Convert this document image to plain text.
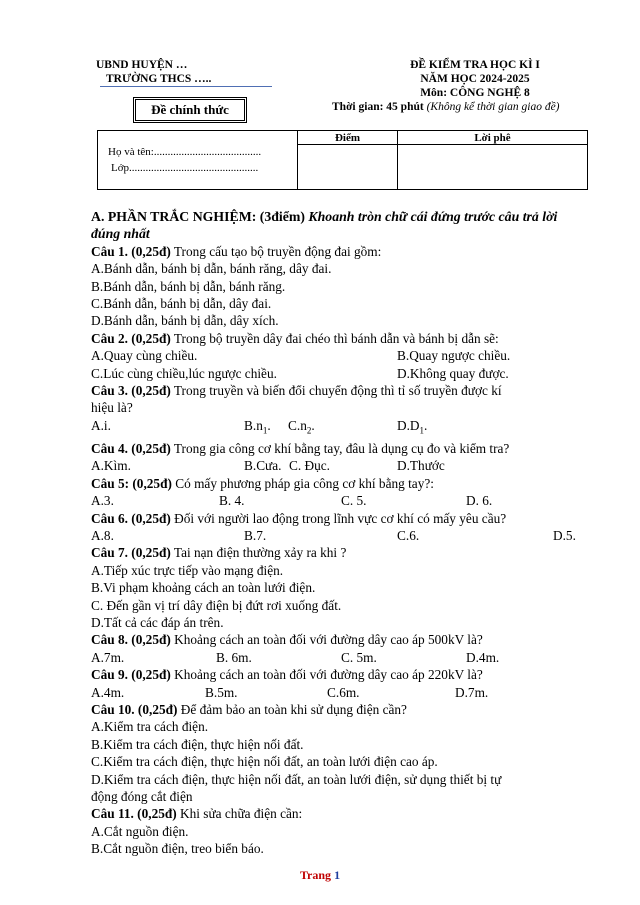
UBND HUYỆN …
TRƯỜNG THCS …..
ĐỀ KIỂM TRA HỌC KÌ I
NĂM HỌC 2024-2025
Môn: CÔNG NGHỆ 8
Đề chính thức	Thời gian: 45 phút (Không kể thời gian giao đề)
Họ và tên:.......................................
Lớp...............................................	Điểm	Lời phê

A. PHẦN TRẮC NGHIỆM: (3điểm) Khoanh tròn chữ cái đứng trước câu trả lời đúng nhất

Câu 1. (0,25đ) Trong cấu tạo bộ truyền động đai gồm:

A.Bánh dẫn, bánh bị dẫn, bánh răng, dây đai.

B.Bánh dẫn, bánh bị dẫn, bánh răng.

C.Bánh dẫn, bánh bị dẫn, dây đai.

D.Bánh dẫn, bánh bị dẫn, dây xích.

Câu 2. (0,25đ) Trong bộ truyền dây đai chéo thì bánh dẫn và bánh bị dẫn sẽ:

A.Quay cùng chiều.	B.Quay ngược chiều.
C.Lúc cùng chiều,lúc ngược chiều.	D.Không quay được.

Câu 3. (0,25đ) Trong truyền và biến đổi chuyển động thì tỉ số truyền được kí

hiệu là?

A.i.	$B.n_1$.	$C.n_2$.	$D.D_1$.

Câu 4. (0,25đ) Trong gia công cơ khí bằng tay, đâu là dụng cụ đo và kiểm tra?

A.Kìm.	B.Cưa. C. Đục.	D.Thước

Câu 5: (0,25đ) Có mấy phương pháp gia công cơ khí bằng tay?:

A.3.	B. 4.	C. 5.	D. 6.

Câu 6. (0,25đ) Đối với người lao động trong lĩnh vực cơ khí có mấy yêu cầu?

A.8.	B.7.	C.6.	D.5.

Câu 7. (0,25đ) Tai nạn điện thường xảy ra khi ?

A.Tiếp xúc trực tiếp vào mạng điện.

B.Vi phạm khoảng cách an toàn lưới điện.

C. Đến gần vị trí dây điện bị đứt rơi xuống đất.

D.Tất cả các đáp án trên.

Câu 8. (0,25đ) Khoảng cách an toàn đối với đường dây cao áp 500kV là?

A.7m.	B. 6m.	C. 5m.	D.4m.

Câu 9. (0,25đ) Khoảng cách an toàn đối với đường dây cao áp 220kV là?

A.4m.	B.5m.	C.6m.	D.7m.

Câu 10. (0,25đ) Để đảm bảo an toàn khi sử dụng điện cần?

A.Kiểm tra cách điện.

B.Kiểm tra cách điện, thực hiện nối đất.

C.Kiểm tra cách điện, thực hiện nối đất, an toàn lưới điện cao áp.

D.Kiểm tra cách điện, thực hiện nối đất, an toàn lưới điện, sử dụng thiết bị tự

động đóng cắt điện

Câu 11. (0,25đ) Khi sửa chữa điện cần:

A.Cắt nguồn điện.

B.Cắt nguồn điện, treo biển báo.

Trang 1
